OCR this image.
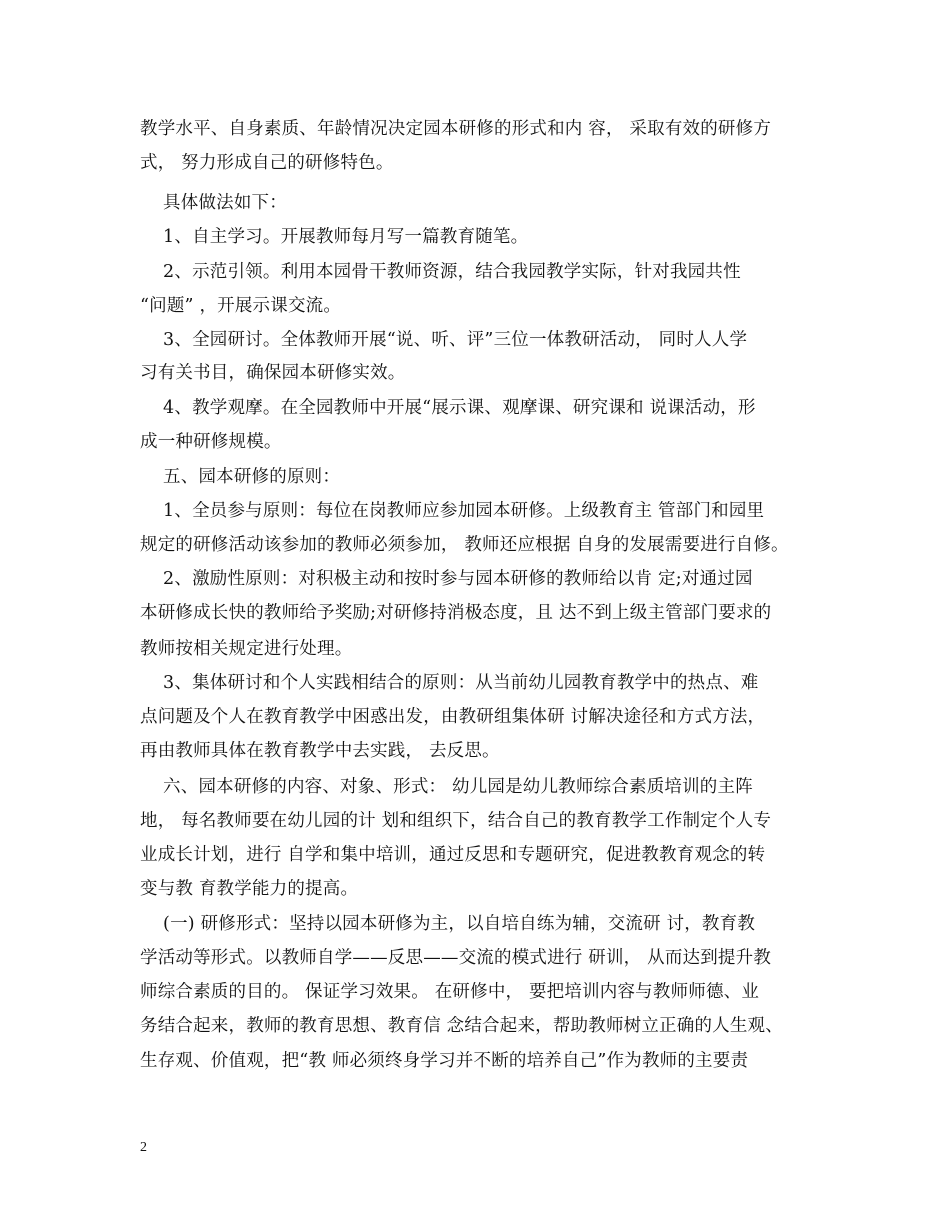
教学水平、自身素质、年龄情况决定园本研修的形式和内 容， 采取有效的研修方
式， 努力形成自己的研修特色。
具体做法如下：
1、自主学习。开展教师每月写一篇教育随笔。
2、示范引领。利用本园骨干教师资源，结合我园教学实际，针对我园共性
“问题” ，开展示课交流。
3、全园研讨。全体教师开展“说、听、评”三位一体教研活动， 同时人人学
习有关书目，确保园本研修实效。
4、教学观摩。在全园教师中开展“展示课、观摩课、研究课和 说课活动，形
成一种研修规模。
五、园本研修的原则：
1、全员参与原则：每位在岗教师应参加园本研修。上级教育主 管部门和园里
规定的研修活动该参加的教师必须参加， 教师还应根据 自身的发展需要进行自修。
2、激励性原则：对积极主动和按时参与园本研修的教师给以肯 定;对通过园
本研修成长快的教师给予奖励;对研修持消极态度，且 达不到上级主管部门要求的
教师按相关规定进行处理。
3、集体研讨和个人实践相结合的原则：从当前幼儿园教育教学中的热点、难
点问题及个人在教育教学中困惑出发，由教研组集体研 讨解决途径和方式方法，
再由教师具体在教育教学中去实践， 去反思。
六、园本研修的内容、对象、形式： 幼儿园是幼儿教师综合素质培训的主阵
地， 每名教师要在幼儿园的计 划和组织下，结合自己的教育教学工作制定个人专
业成长计划，进行 自学和集中培训，通过反思和专题研究，促进教教育观念的转
变与教 育教学能力的提高。
(一) 研修形式：坚持以园本研修为主，以自培自练为辅，交流研 讨，教育教
学活动等形式。以教师自学——反思——交流的模式进行 研训， 从而达到提升教
师综合素质的目的。 保证学习效果。 在研修中， 要把培训内容与教师师德、业
务结合起来，教师的教育思想、教育信 念结合起来，帮助教师树立正确的人生观、
生存观、价值观，把“教 师必须终身学习并不断的培养自己”作为教师的主要责
2
